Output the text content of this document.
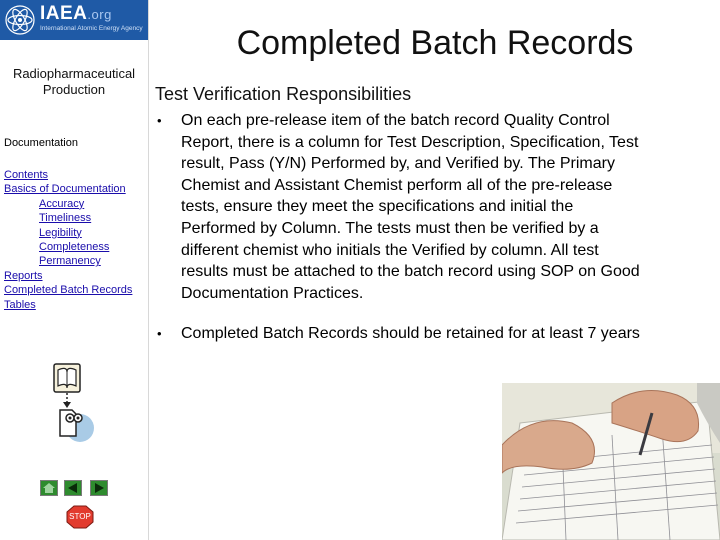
IAEA.org
International Atomic Energy Agency
Radiopharmaceutical Production
Documentation
Contents
Basics of Documentation
Accuracy
Timeliness
Legibility
Completeness
Permanency
Reports
Completed Batch Records
Tables
STOP
Completed Batch Records
Test Verification Responsibilities
• On each pre-release item of the batch record Quality Control Report, there is a column for Test Description, Specification, Test result, Pass (Y/N) Performed by, and Verified by. The Primary Chemist and Assistant Chemist perform all of the pre-release tests, ensure they meet the specifications and initial the Performed by Column. The tests must then be verified by a different chemist who initials the Verified by column. All test results must be attached to the batch record using SOP on Good Documentation Practices.
• Completed Batch Records should be retained for at least 7 years
